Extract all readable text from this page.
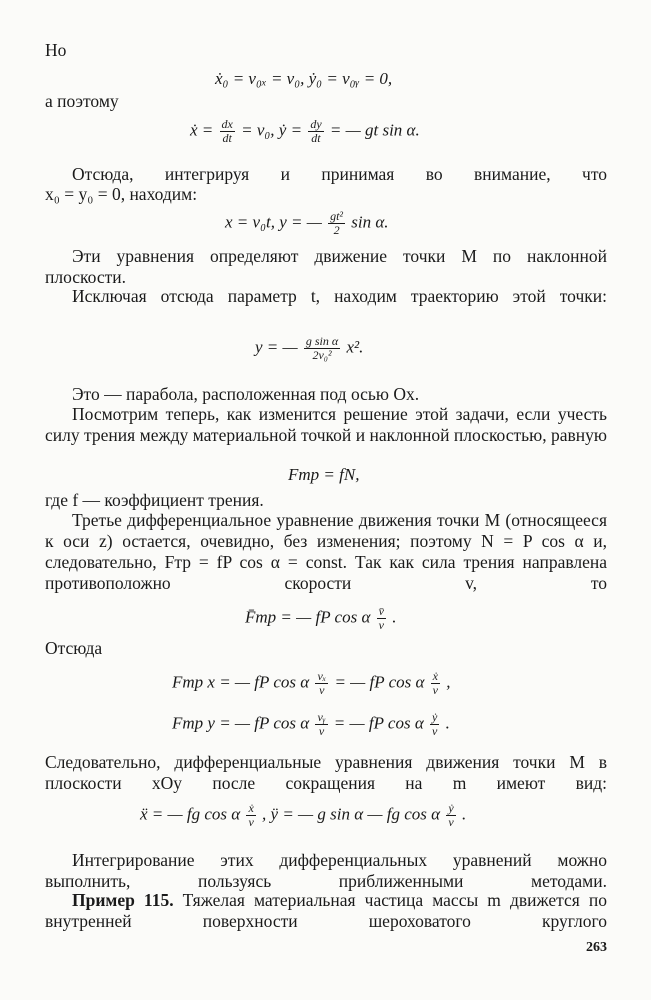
Но
ẋ₀ = v₀ₓ = v₀, ẏ₀ = v₀ᵧ = 0,
а поэтому
ẋ = $\frac{dx}{dt} = v_0$, ẏ = $\frac{dy}{dt}$ = — gt sin α.
Отсюда, интегрируя и принимая во внимание, что
x₀ = y₀ = 0, находим:
x = v₀t, y = — $\frac{\text{gt²}}{2}$ sin α.
Эти уравнения определяют движение точки M по наклонной плоскости.
Исключая отсюда параметр t, находим траекторию этой точки:
y = — $\frac{\text{g sin α}}{\text{2v₀²}} x^2$.
Это — парабола, расположенная под осью Ox.
Посмотрим теперь, как изменится решение этой задачи, если учесть силу трения между материальной точкой и наклонной плоскостью, равную
Fтр = fN,
где f — коэффициент трения.
Третье дифференциальное уравнение движения точки M (относящееся к оси z) остается, очевидно, без изменения; поэтому N = P cos α и, следовательно, Fтр = fP cos α = const. Так как сила трения направлена противоположно скорости v, то
F̄тр = — fP cos α $\frac{v̄}{v}$ .
Отсюда
Fтр x = — fP cos α $\frac{\text{vₓ}}{v}$ = — fP cos α $\frac{\text{ẋ}}{v}$ ,
Fтр y = — fP cos α $\frac{\text{vᵧ}}{v}$ = — fP cos α $\frac{\text{ẏ}}{v}$ .
Следовательно, дифференциальные уравнения движения точки M в плоскости xOy после сокращения на m имеют вид:
ẍ = — fg cos α $\frac{\text{ẋ}}{v}$ , ÿ = — g sin α — fg cos α $\frac{\text{ẏ}}{v}$ .
Интегрирование этих дифференциальных уравнений можно выполнить, пользуясь приближенными методами.
Пример 115. Тяжелая материальная частица массы m движется по внутренней поверхности шероховатого круглого
263
